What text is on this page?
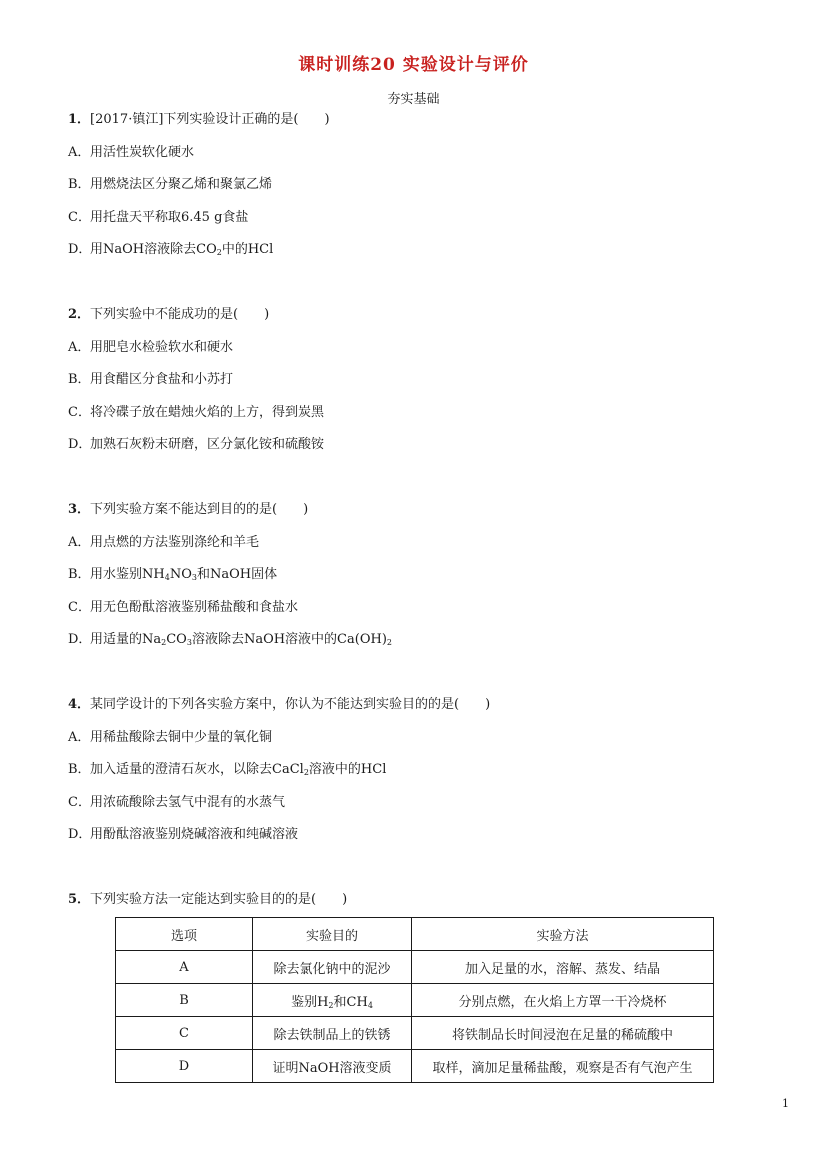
课时训练20 实验设计与评价
夯实基础
1．[2017·镇江]下列实验设计正确的是(　　)
A．用活性炭软化硬水
B．用燃烧法区分聚乙烯和聚氯乙烯
C．用托盘天平称取6.45 g食盐
D．用NaOH溶液除去$CO_2$中的HCl
2．下列实验中不能成功的是(　　)
A．用肥皂水检验软水和硬水
B．用食醋区分食盐和小苏打
C．将冷碟子放在蜡烛火焰的上方，得到炭黑
D．加熟石灰粉末研磨，区分氯化铵和硫酸铵
3．下列实验方案不能达到目的的是(　　)
A．用点燃的方法鉴别涤纶和羊毛
B．用水鉴别$NH_4NO_3$和NaOH固体
C．用无色酚酞溶液鉴别稀盐酸和食盐水
D．用适量的$Na_2CO_3$溶液除去NaOH溶液中的$Ca(OH)_2$
4．某同学设计的下列各实验方案中，你认为不能达到实验目的的是(　　)
A．用稀盐酸除去铜中少量的氧化铜
B．加入适量的澄清石灰水，以除去CaCl$_2$溶液中的HCl
C．用浓硫酸除去氢气中混有的水蒸气
D．用酚酞溶液鉴别烧碱溶液和纯碱溶液
5．下列实验方法一定能达到实验目的的是(　　)
选项	实验目的	实验方法
A	除去氯化钠中的泥沙	加入足量的水，溶解、蒸发、结晶
B	鉴别$H_2$和$CH_4$	分别点燃，在火焰上方罩一干冷烧杯
C	除去铁制品上的铁锈	将铁制品长时间浸泡在足量的稀硫酸中
D	证明NaOH溶液变质	取样，滴加足量稀盐酸，观察是否有气泡产生
1
